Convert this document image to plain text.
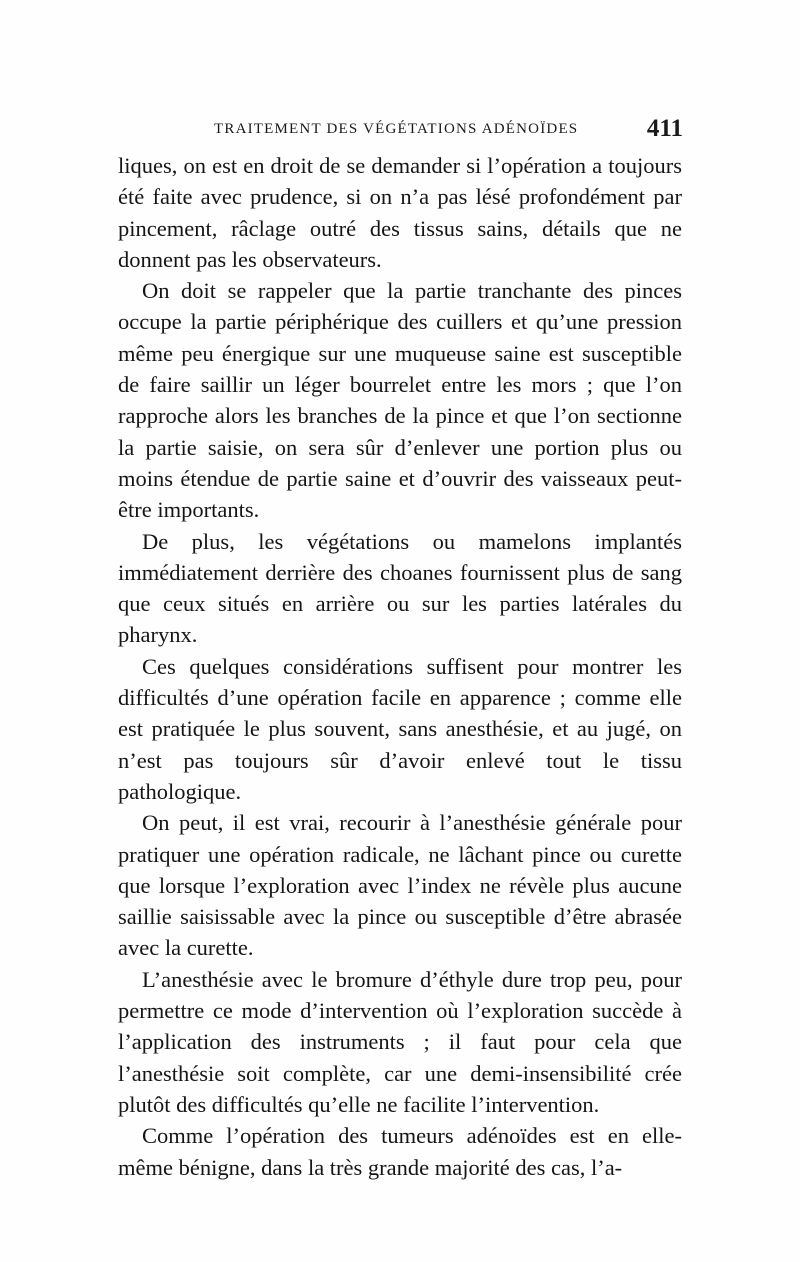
TRAITEMENT DES VÉGÉTATIONS ADÉNOÏDES	411

liques, on est en droit de se demander si l’opération a toujours été faite avec prudence, si on n’a pas lésé profondément par pincement, râclage outré des tissus sains, détails que ne donnent pas les observateurs.

On doit se rappeler que la partie tranchante des pinces occupe la partie périphérique des cuillers et qu’une pression même peu énergique sur une muqueuse saine est susceptible de faire saillir un léger bourrelet entre les mors ; que l’on rapproche alors les branches de la pince et que l’on sectionne la partie saisie, on sera sûr d’enlever une portion plus ou moins étendue de partie saine et d’ouvrir des vaisseaux peut-être importants.

De plus, les végétations ou mamelons implantés immédiatement derrière des choanes fournissent plus de sang que ceux situés en arrière ou sur les parties latérales du pharynx.

Ces quelques considérations suffisent pour montrer les difficultés d’une opération facile en apparence ; comme elle est pratiquée le plus souvent, sans anesthésie, et au jugé, on n’est pas toujours sûr d’avoir enlevé tout le tissu pathologique.

On peut, il est vrai, recourir à l’anesthésie générale pour pratiquer une opération radicale, ne lâchant pince ou curette que lorsque l’exploration avec l’index ne révèle plus aucune saillie saisissable avec la pince ou susceptible d’être abrasée avec la curette.

L’anesthésie avec le bromure d’éthyle dure trop peu, pour permettre ce mode d’intervention où l’exploration succède à l’application des instruments ; il faut pour cela que l’anesthésie soit complète, car une demi-insensibilité crée plutôt des difficultés qu’elle ne facilite l’intervention.

Comme l’opération des tumeurs adénoïdes est en elle-même bénigne, dans la très grande majorité des cas, l’a-
